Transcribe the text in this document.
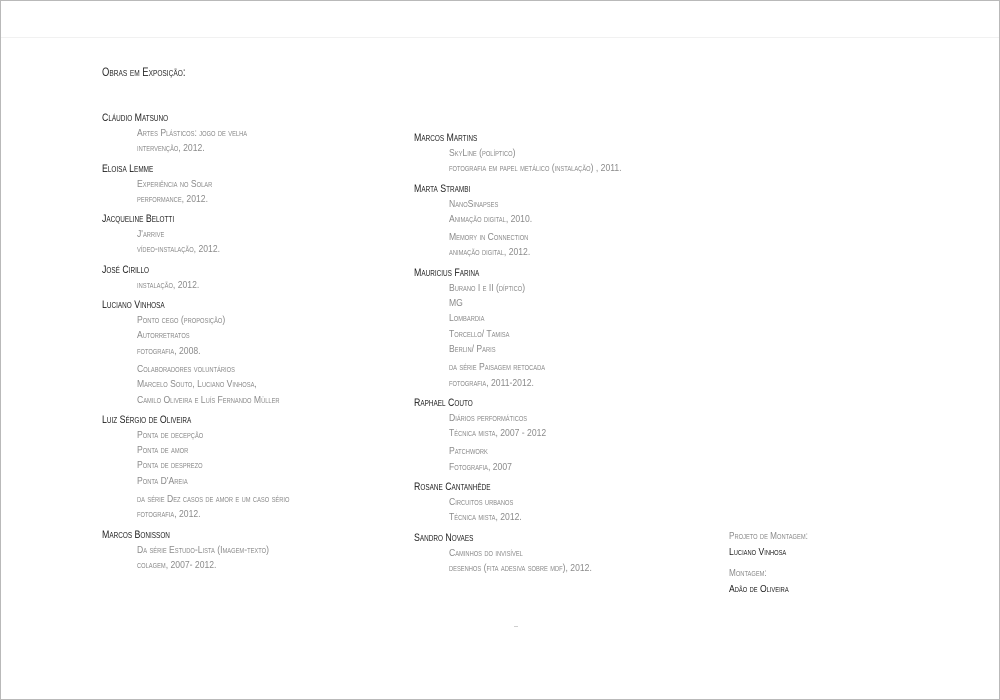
Obras em Exposição:
Cláudio Matsuno
Artes Plásticos: jogo de velha
intervenção, 2012.
Eloisa Lemme
Experiência no Solar
performance, 2012.
Jacqueline Belotti
J'arrive
vídeo-instalação, 2012.
José Cirillo
instalação, 2012.
Luciano Vinhosa
Ponto cego (proposição)
Autorretratos
fotografia, 2008.
Colaboradores voluntários
Marcelo Souto, Luciano Vinhosa,
Camilo Oliveira e Luís Fernando Müller
Luiz Sérgio de Oliveira
Ponta de decepção
Ponta de amor
Ponta de desprezo
Ponta D'Areia
da série Dez casos de amor e um caso sério
fotografia, 2012.
Marcos Bonisson
Da série Estudo-Lista (Imagem-texto)
colagem, 2007- 2012.
Marcos Martins
SkyLine (políptico)
fotografia em papel metálico (instalação) , 2011.
Marta Strambi
NanoSinapses
Animação digital, 2010.
Memory in Connection
animação digital, 2012.
Mauricius Farina
Burano I e II (díptico)
MG
Lombardia
Torcello/ Tamisa
Berlin/ Paris
da série Paisagem retocada
fotografia, 2011-2012.
Raphael Couto
Diários performáticos
Técnica mista, 2007 - 2012
Patchwork
Fotografia, 2007
Rosane Cantanhêde
Circuitos urbanos
Técnica mista, 2012.
Sandro Novaes
Caminhos do invisível
desenhos (fita adesiva sobre mdf), 2012.
Projeto de Montagem:
Luciano Vinhosa
Montagem:
Adão de Oliveira
